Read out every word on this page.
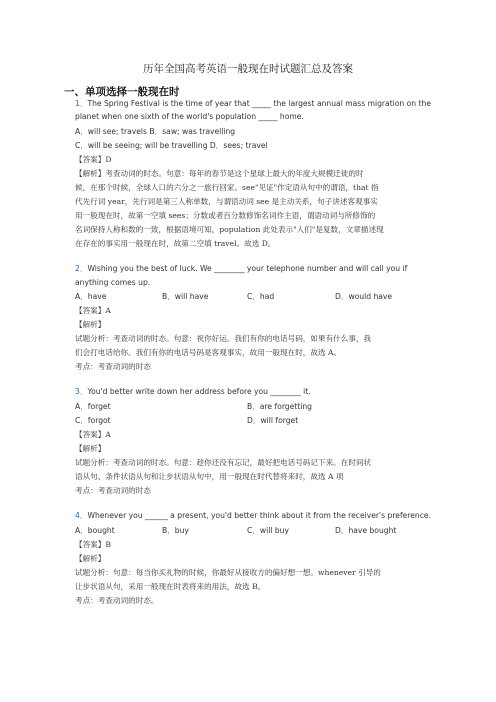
历年全国高考英语一般现在时试题汇总及答案
一、单项选择一般现在时
1．The Spring Festival is the time of year that _____ the largest annual mass migration on the
planet when one sixth of the world's population _____ home.
A．will see; travels B．saw; was travelling
C．will be seeing; will be travelling D．sees; travel
【答案】D
【解析】考查动词的时态。句意：每年的春节是这个星球上最大的年度大规模迁徙的时
候，在那个时候，全球人口的六分之一旅行回家。see"见证"作定语从句中的谓语，that 指
代先行词 year，先行词是第三人称单数，与谓语动词 see 是主动关系，句子讲述客观事实
用一般现在时，故第一空填 sees；分数或者百分数修饰名词作主语，谓语动词与所修饰的
名词保持人称和数的一致，根据语境可知，population 此处表示"人们"是复数，文章描述现
在存在的事实用一般现在时，故第二空填 travel。故选 D。
2．Wishing you the best of luck. We ________ your telephone number and will call you if
anything comes up.
A．have	B．will have	C．had	D．would have
【答案】A
【解析】
试题分析：考查动词的时态。句意：祝你好运。我们有你的电话号码，如果有什么事，我
们会打电话给你。我们有你的电话号码是客观事实，故用一般现在时，故选 A。
考点：考查动词的时态
3．You'd better write down her address before you ________ it.
A．forget	B．are forgetting
C．forgot	D．will forget
【答案】A
【解析】
试题分析：考查动词的时态。句意：趁你还没有忘记，最好把电话号码记下来。在时间状
语从句、条件状语从句和让步状语从句中，用一般现在时代替将来时，故选 A 项
考点：考查动词的时态
4．Whenever you ______ a present, you'd better think about it from the receiver's preference.
A．bought	B．buy	C．will buy	D．have bought
【答案】B
【解析】
试题分析：句意：每当你买礼物的时候，你最好从接收方的偏好想一想。whenever 引导的
让步状语从句，采用一般现在时表将来的用法，故选 B。
考点：考查动词的时态。
